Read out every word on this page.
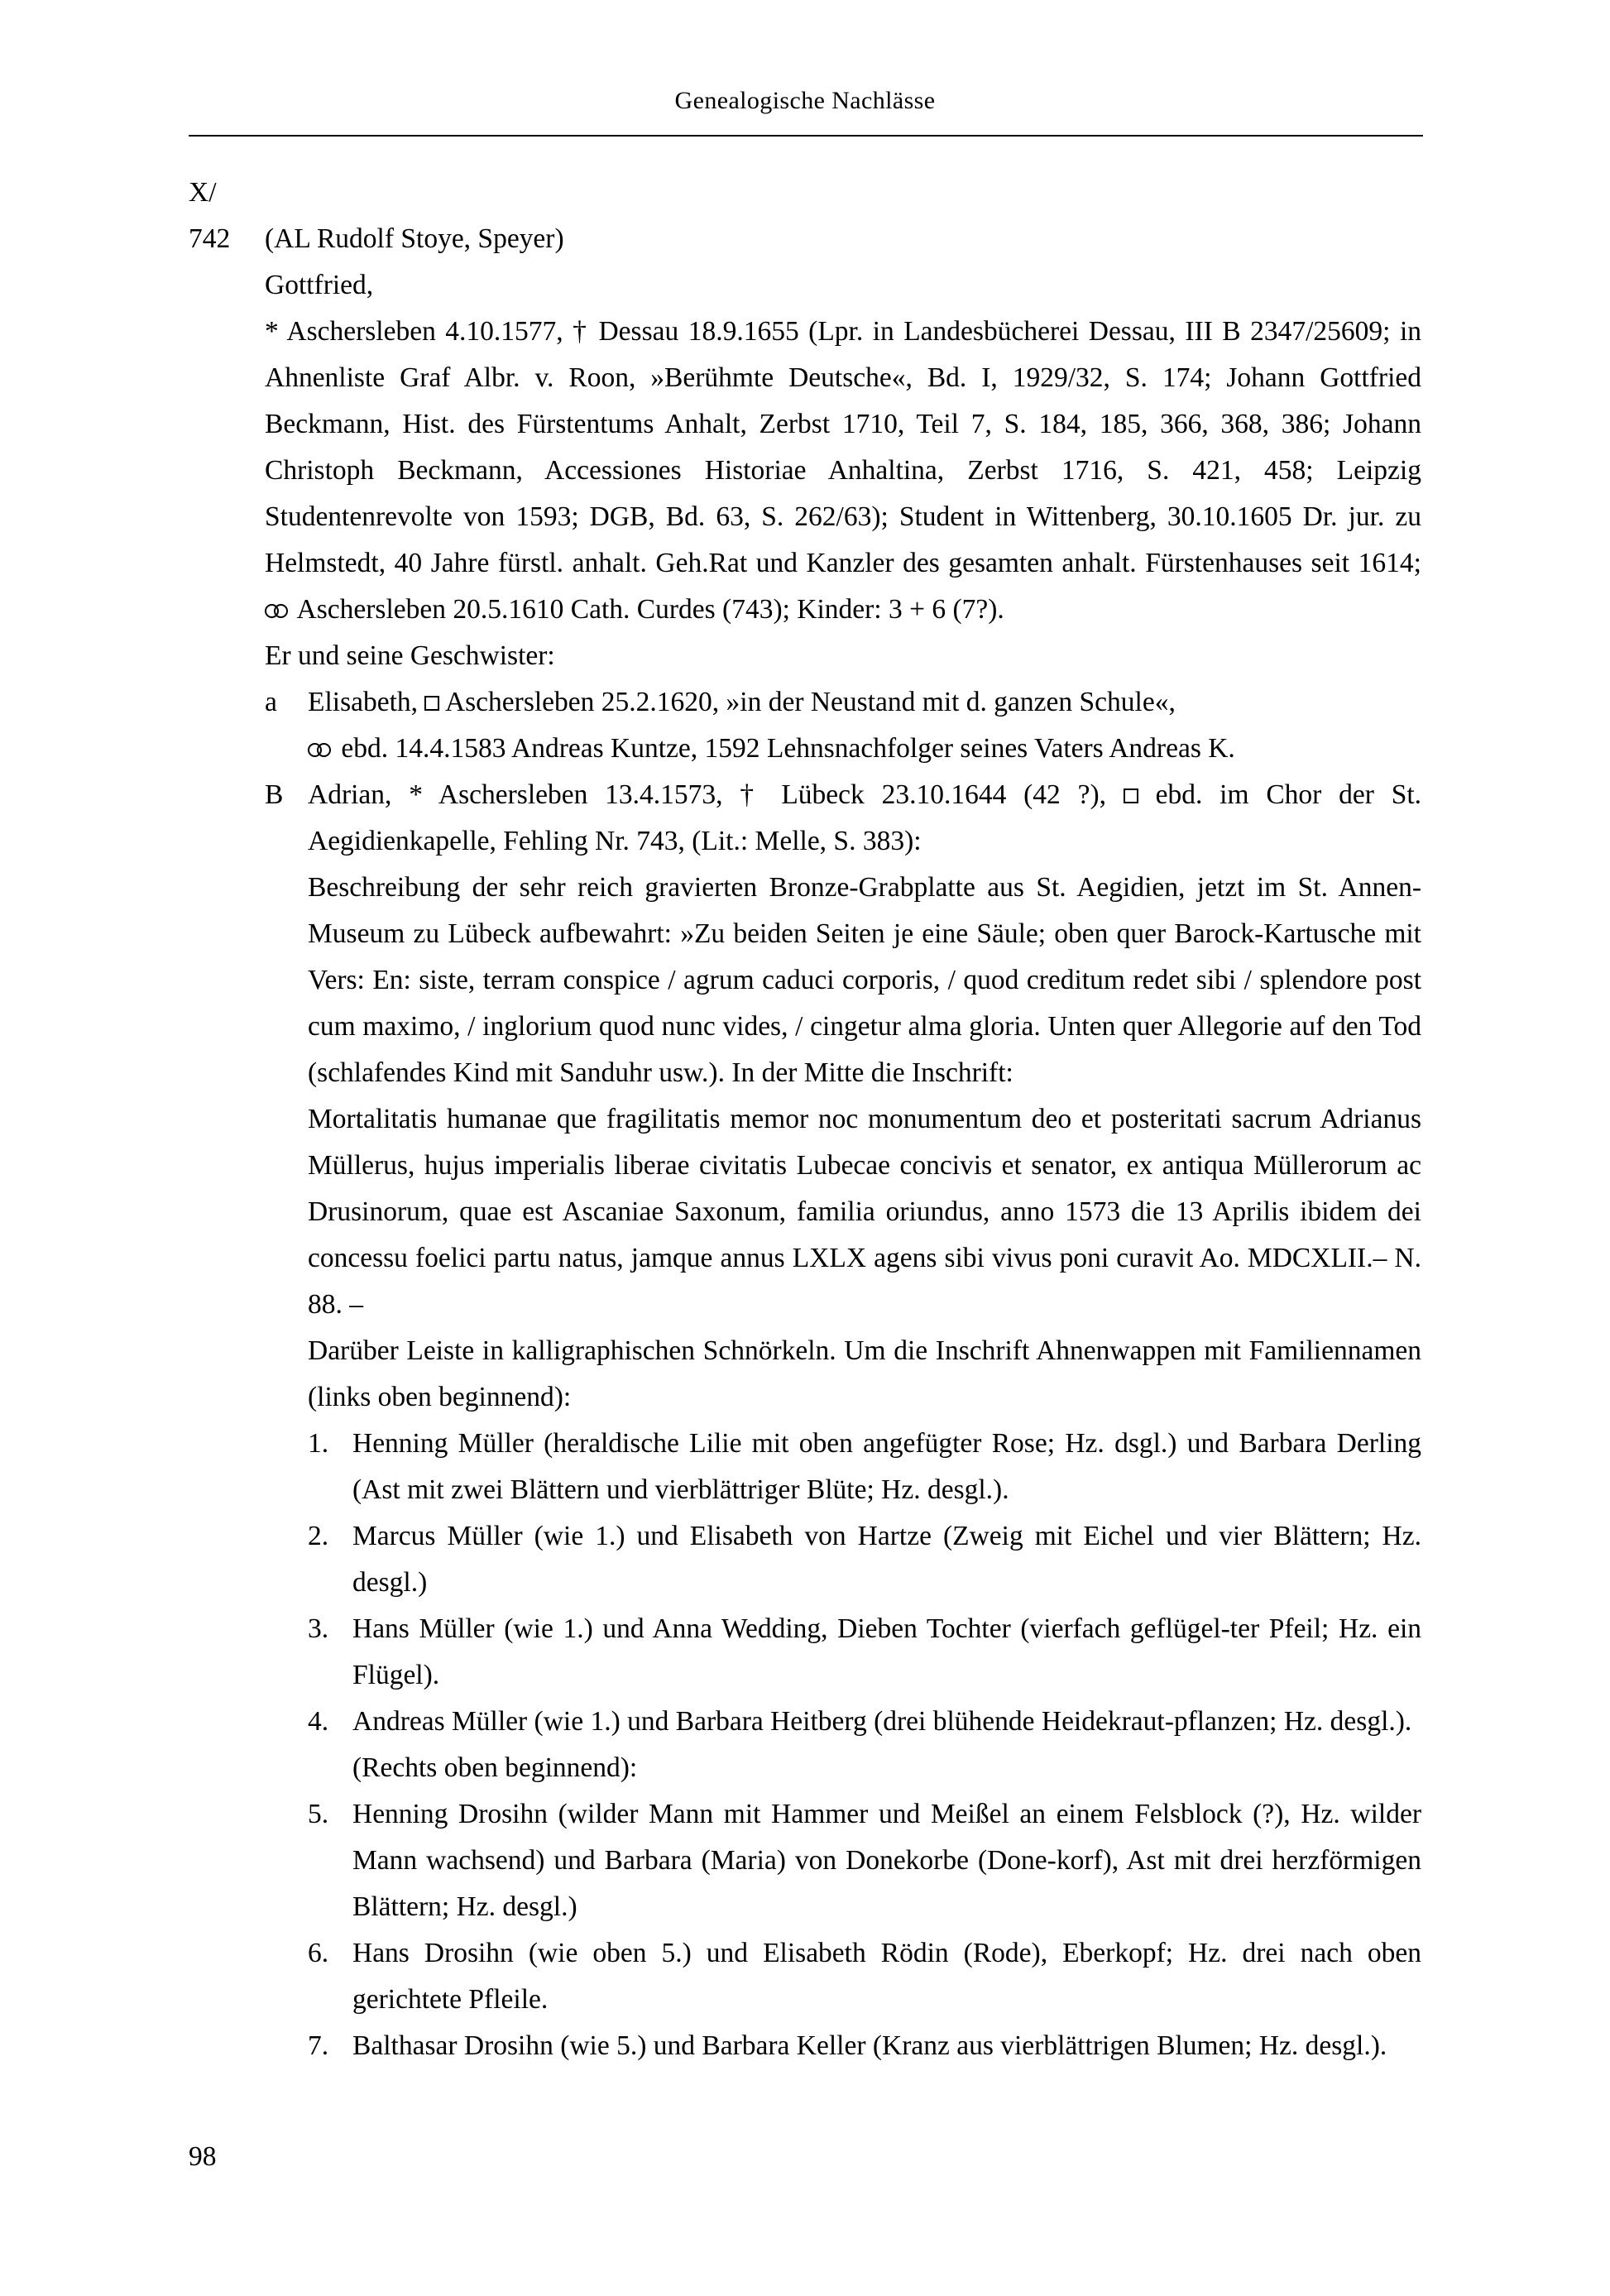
Genealogische Nachlässe
X/
742	(AL Rudolf Stoye, Speyer)
Gottfried,
* Aschersleben 4.10.1577, † Dessau 18.9.1655 (Lpr. in Landesbücherei Dessau, III B 2347/25609; in Ahnenliste Graf Albr. v. Roon, »Berühmte Deutsche«, Bd. I, 1929/32, S. 174; Johann Gottfried Beckmann, Hist. des Fürstentums Anhalt, Zerbst 1710, Teil 7, S. 184, 185, 366, 368, 386; Johann Christoph Beckmann, Accessiones Historiae Anhaltina, Zerbst 1716, S. 421, 458; Leipzig Studentenrevolte von 1593; DGB, Bd. 63, S. 262/63); Student in Wittenberg, 30.10.1605 Dr. jur. zu Helmstedt, 40 Jahre fürstl. anhalt. Geh.Rat und Kanzler des gesamten anhalt. Fürstenhauses seit 1614;
Aschersleben 20.5.1610 Cath. Curdes (743); Kinder: 3 + 6 (7?).
Er und seine Geschwister:
a	Elisabeth, Aschersleben 25.2.1620, »in der Neustand mit d. ganzen Schule«,
ebd. 14.4.1583 Andreas Kuntze, 1592 Lehnsnachfolger seines Vaters Andreas K.
B Adrian, * Aschersleben 13.4.1573, † Lübeck 23.10.1644 (42 ?), ebd. im Chor der St. Aegidienkapelle, Fehling Nr. 743, (Lit.: Melle, S. 383):
Beschreibung der sehr reich gravierten Bronze-Grabplatte aus St. Aegidien, jetzt im St. Annen-Museum zu Lübeck aufbewahrt: »Zu beiden Seiten je eine Säule; oben quer Barock-Kartusche mit Vers: En: siste, terram conspice / agrum caduci corporis, / quod creditum redet sibi / splendore post cum maximo, / inglorium quod nunc vides, / cingetur alma gloria. Unten quer Allegorie auf den Tod (schlafendes Kind mit Sanduhr usw.). In der Mitte die Inschrift:
Mortalitatis humanae que fragilitatis memor noc monumentum deo et posteritati sacrum Adrianus Müllerus, hujus imperialis liberae civitatis Lubecae concivis et senator, ex antiqua Müllerorum ac Drusinorum, quae est Ascaniae Saxonum, familia oriundus, anno 1573 die 13 Aprilis ibidem dei concessu foelici partu natus, jamque annus LXLX agens sibi vivus poni curavit Ao. MDCXLII.– N. 88. –
Darüber Leiste in kalligraphischen Schnörkeln. Um die Inschrift Ahnenwappen mit Familiennamen (links oben beginnend):
1. Henning Müller (heraldische Lilie mit oben angefügter Rose; Hz. dsgl.) und Barbara Derling (Ast mit zwei Blättern und vierblättriger Blüte; Hz. desgl.).
2. Marcus Müller (wie 1.) und Elisabeth von Hartze (Zweig mit Eichel und vier Blättern; Hz. desgl.)
3. Hans Müller (wie 1.) und Anna Wedding, Dieben Tochter (vierfach geflügel-ter Pfeil; Hz. ein Flügel).
4. Andreas Müller (wie 1.) und Barbara Heitberg (drei blühende Heidekraut-pflanzen; Hz. desgl.).
(Rechts oben beginnend):
5. Henning Drosihn (wilder Mann mit Hammer und Meißel an einem Felsblock (?), Hz. wilder Mann wachsend) und Barbara (Maria) von Donekorbe (Done-korf), Ast mit drei herzförmigen Blättern; Hz. desgl.)
6. Hans Drosihn (wie oben 5.) und Elisabeth Rödin (Rode), Eberkopf; Hz. drei nach oben gerichtete Pfleile.
7. Balthasar Drosihn (wie 5.) und Barbara Keller (Kranz aus vierblättrigen Blumen; Hz. desgl.).
98
